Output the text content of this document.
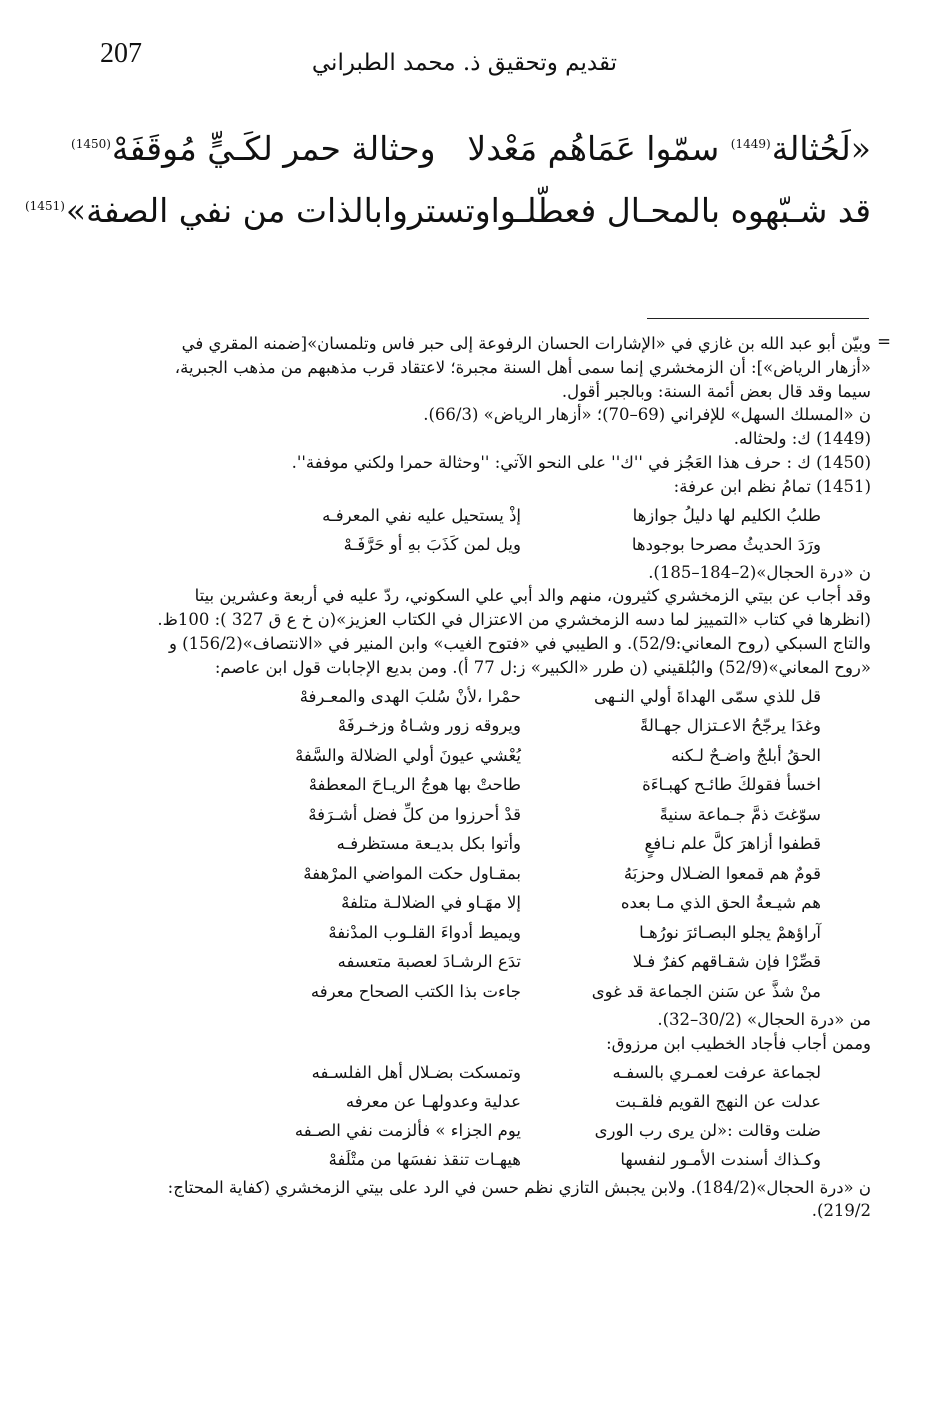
207	تقديم وتحقيق ذ. محمد الطبراني
«لَحُثالة$^{(1449)}$ سمّوا عَمَاهُم مَعْدلا
وحثالة حمر لكَـيٍّ مُوقَفَهْ$^{(1450)}$
قد شـبّهوه بالمحـال فعطّلـوا
وتستروابالذات من نفي الصفة»$^{(1451)}$
=
وبيّن أبو عبد الله بن غازي في «الإشارات الحسان الرفوعة إلى حبر فاس وتلمسان»[ضمنه المقري في
«أزهار الرياض»]: أن الزمخشري إنما سمى أهل السنة مجبرة؛ لاعتقاد قرب مذهبهم من مذهب الجبرية،
سيما وقد قال بعض أئمة السنة: وبالجبر أقول.
ن «المسلك السهل» للإفراني (69–70)؛ «أزهار الرياض» (66/3).
(1449) ك: ولحثاله.
(1450) ك : حرف هذا العَجُز في ''ك'' على النحو الآتي: ''وحثالة حمرا ولكني موففة''.
(1451) تمامُ نظم ابن عرفة:
طلبُ الكليم لها دليلُ جوازها
إذْ يستحيل عليه نفي المعرفـه
ورَدَ الحديثُ مصرحا بوجودها
ويل لمن كَذَبَ بهِ أو حَرَّفَـهْ
ن «درة الحجال»(2–184–185).
وقد أجاب عن بيتي الزمخشري كثيرون، منهم والد أبي علي السكوني، ردّ عليه في أربعة وعشرين بيتا
(انظرها في كتاب «التمييز لما دسه الزمخشري من الاعتزال في الكتاب العزيز»(ن خ ع ق 327 ): 100ظ.
والتاج السبكي (روح المعاني:52/9). و الطيبي في «فتوح الغيب» وابن المنير في «الانتصاف»(156/2) و
«روح المعاني»(52/9) والبُلقيني (ن طرر «الكبير» ز:ل 77 أ). ومن بديع الإجابات قول ابن عاصم:
قل للذي سمّى الهداةَ أولي النـهى
حمْرا ،لأنْ سُلبَ الهدى والمعـرفهْ
وغدَا يرجّحُ الاعـتزال جهـالةً
ويروقه زور وشـاهُ وزخـرفَهْ
الحقُ أبلجٌ واضـحٌ لـكنه
يُعْشي عيونَ أولي الضلالة والسَّفهْ
اخسأ فقولكَ طائـح كهبـاءَة
طاحتْ بها هوجُ الريـاحَ المعطفهْ
سوّغتَ ذمَّ جـماعة سنيةً
قدْ أحرزوا من كلِّ فضل أشـرَفهْ
قطفوا أزاهرَ كلَّ علم نـافعٍ
وأتوا بكل بديـعة مستظرفـه
قومٌ هم قمعوا الضـلال وحزبَهُ
بمقـاول حكت المواضي المرْهفهْ
هم شيـعةُ الحق الذي مـا بعده
إلا مهَـاو في الضلالـة متلفهْ
آراؤهمْ يجلو البصـائرَ نورُهـا
ويميط أدواءَ القلـوب المدْنفهْ
قصِّرْا فإن شقـاقهم كفرٌ فـلا
تدَع الرشـادَ لعصبة متعسفه
منْ شذَّ عن سَنن الجماعة قد غوى
جاءت بذا الكتب الصحاح معرفه
من «درة الحجال» (30/2–32).
وممن أجاب فأجاد الخطيب ابن مرزوق:
لجماعة عرفت لعمـري بالسفـه
وتمسكت بضـلال أهل الفلسـفه
عدلت عن النهج القويم فلقـبت
عدلية وعدولهـا عن معرفه
ضلت وقالت :«لن يرى رب الورى
يوم الجزاء » فألزمت نفي الصـفه
وكـذاك أسندت الأمـور لنفسها
هيهـات تنقذ نفسَها من متْلَفهْ
ن «درة الحجال»(184/2). ولابن يجبش التازي نظم حسن في الرد على بيتي الزمخشري (كفاية المحتاج:
219/2).
